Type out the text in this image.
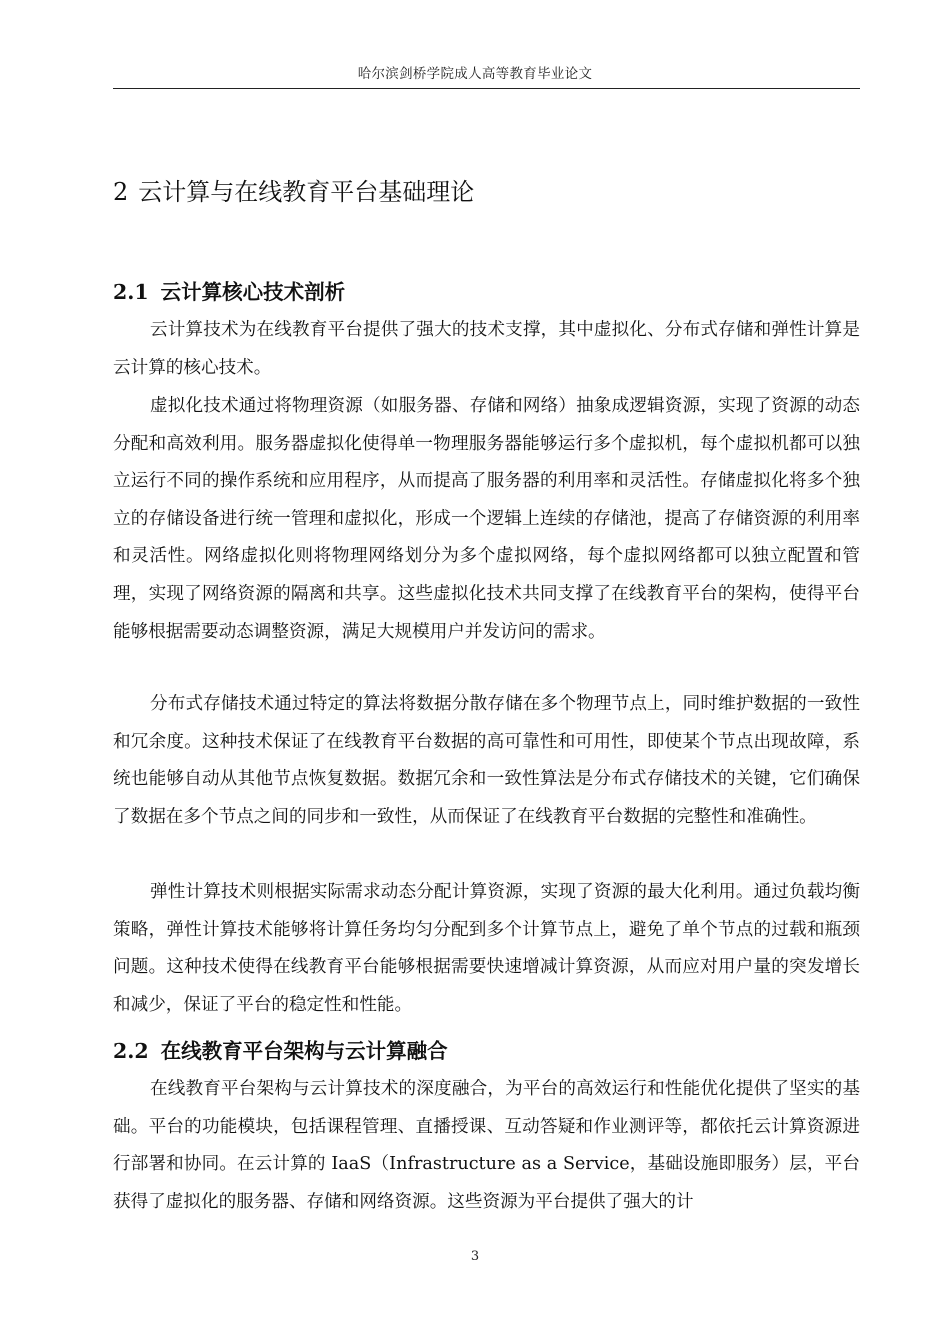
哈尔滨剑桥学院成人高等教育毕业论文
2 云计算与在线教育平台基础理论
2.1 云计算核心技术剖析

云计算技术为在线教育平台提供了强大的技术支撑，其中虚拟化、分布式存储和弹性计算是云计算的核心技术。

虚拟化技术通过将物理资源（如服务器、存储和网络）抽象成逻辑资源，实现了资源的动态分配和高效利用。服务器虚拟化使得单一物理服务器能够运行多个虚拟机，每个虚拟机都可以独立运行不同的操作系统和应用程序，从而提高了服务器的利用率和灵活性。存储虚拟化将多个独立的存储设备进行统一管理和虚拟化，形成一个逻辑上连续的存储池，提高了存储资源的利用率和灵活性。网络虚拟化则将物理网络划分为多个虚拟网络，每个虚拟网络都可以独立配置和管理，实现了网络资源的隔离和共享。这些虚拟化技术共同支撑了在线教育平台的架构，使得平台能够根据需要动态调整资源，满足大规模用户并发访问的需求。

分布式存储技术通过特定的算法将数据分散存储在多个物理节点上，同时维护数据的一致性和冗余度。这种技术保证了在线教育平台数据的高可靠性和可用性，即使某个节点出现故障，系统也能够自动从其他节点恢复数据。数据冗余和一致性算法是分布式存储技术的关键，它们确保了数据在多个节点之间的同步和一致性，从而保证了在线教育平台数据的完整性和准确性。

弹性计算技术则根据实际需求动态分配计算资源，实现了资源的最大化利用。通过负载均衡策略，弹性计算技术能够将计算任务均匀分配到多个计算节点上，避免了单个节点的过载和瓶颈问题。这种技术使得在线教育平台能够根据需要快速增减计算资源，从而应对用户量的突发增长和减少，保证了平台的稳定性和性能。

2.2 在线教育平台架构与云计算融合

在线教育平台架构与云计算技术的深度融合，为平台的高效运行和性能优化提供了坚实的基础。平台的功能模块，包括课程管理、直播授课、互动答疑和作业测评等，都依托云计算资源进行部署和协同。在云计算的 IaaS（Infrastructure as a Service，基础设施即服务）层，平台获得了虚拟化的服务器、存储和网络资源。这些资源为平台提供了强大的计

3
